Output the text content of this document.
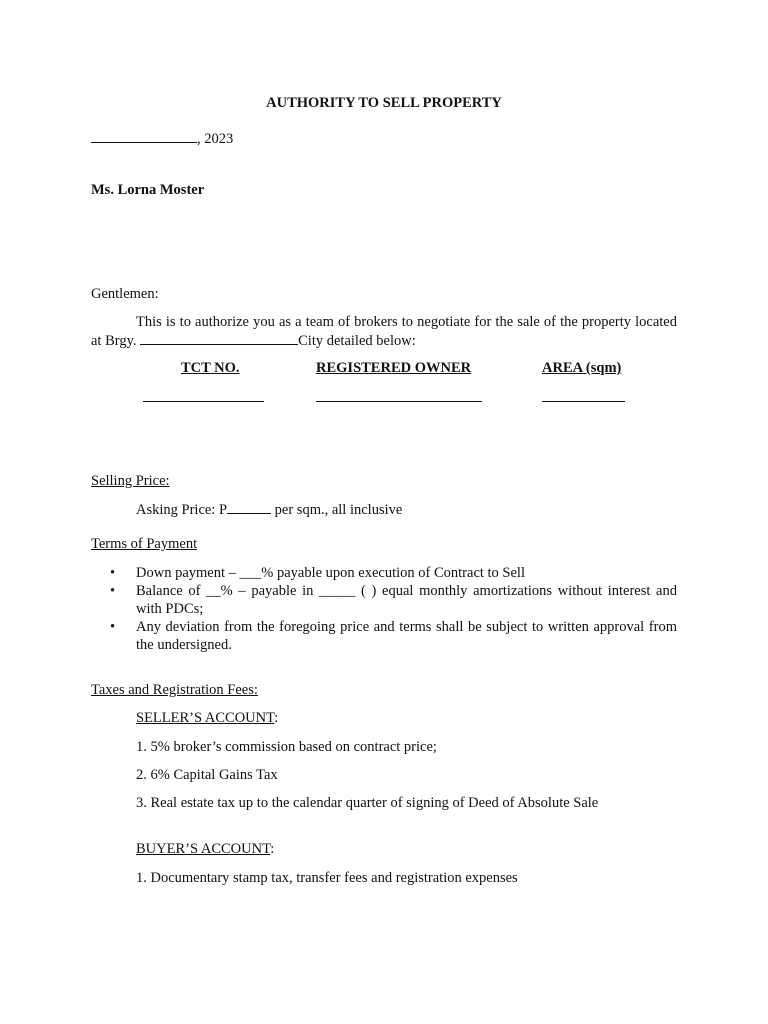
AUTHORITY TO SELL PROPERTY
, 2023
Ms. Lorna Moster
Gentlemen:
This is to authorize you as a team of brokers to negotiate for the sale of the property located at Brgy.	City detailed below:
TCT NO.	REGISTERED OWNER	AREA (sqm)
Selling Price:
Asking Price: P	per sqm., all inclusive
Terms of Payment
• Down payment – ___% payable upon execution of Contract to Sell
• Balance of __% – payable in _____ ( ) equal monthly amortizations without interest and with PDCs;
• Any deviation from the foregoing price and terms shall be subject to written approval from the undersigned.
Taxes and Registration Fees:
SELLER’S ACCOUNT:
1. 5% broker’s commission based on contract price;
2. 6% Capital Gains Tax
3. Real estate tax up to the calendar quarter of signing of Deed of Absolute Sale
BUYER’S ACCOUNT:
1. Documentary stamp tax, transfer fees and registration expenses
